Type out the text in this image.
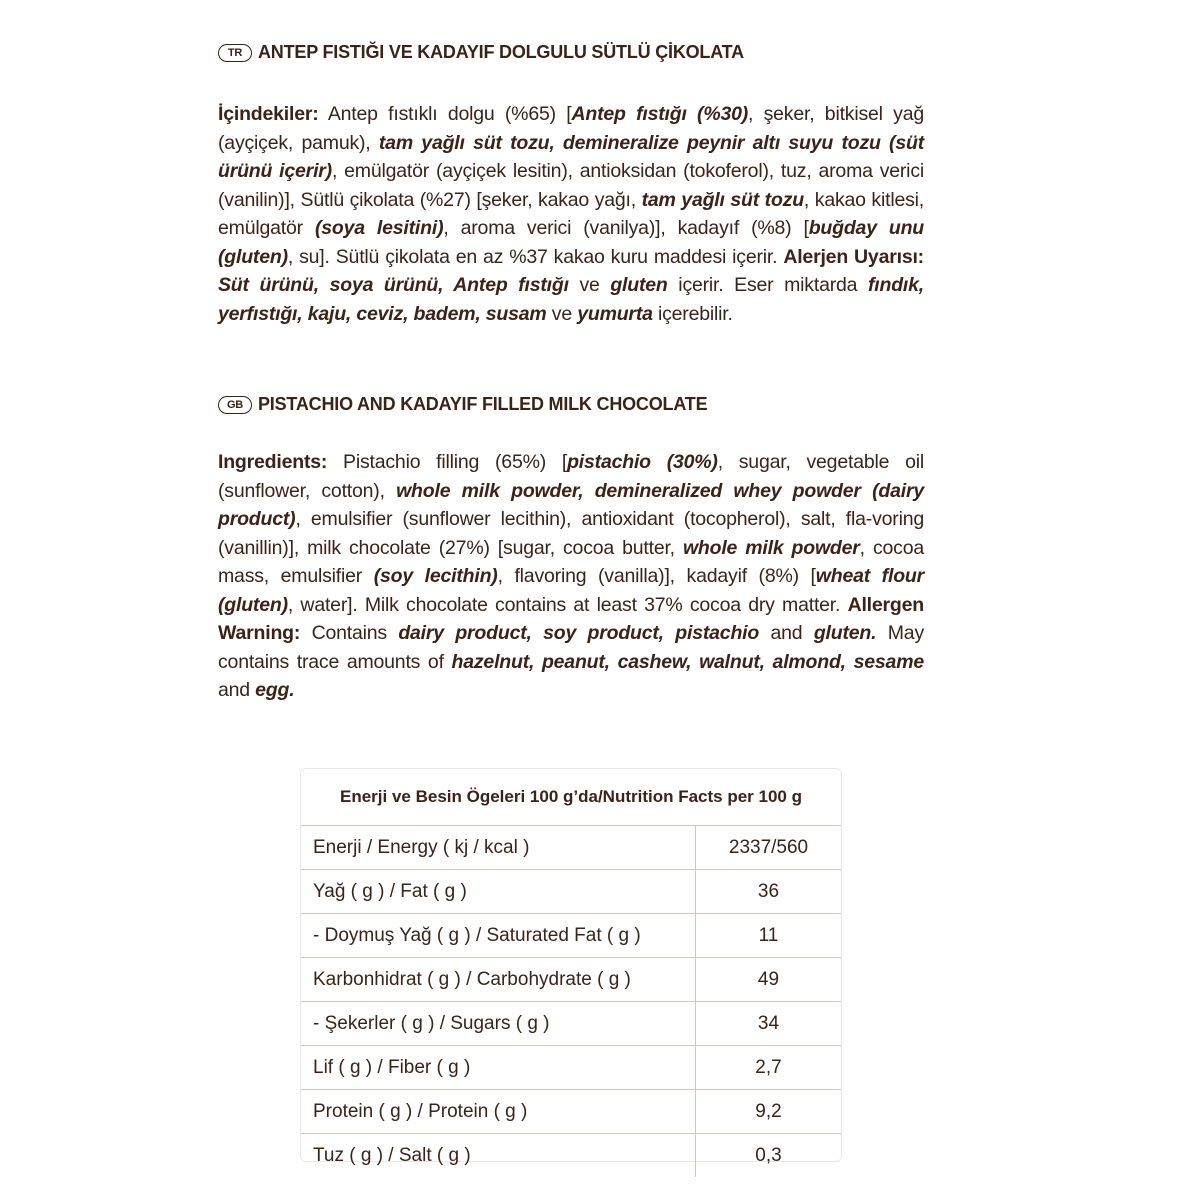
TR ANTEP FISTIĞI VE KADAYIF DOLGULU SÜTLÜ ÇİKOLATA
İçindekiler: Antep fıstıklı dolgu (%65) [Antep fıstığı (%30), şeker, bitkisel yağ (ayçiçek, pamuk), tam yağlı süt tozu, demineralize peynir altı suyu tozu (süt ürünü içerir), emülgatör (ayçiçek lesitin), antioksidan (tokoferol), tuz, aroma verici (vanilin)], Sütlü çikolata (%27) [şeker, kakao yağı, tam yağlı süt tozu, kakao kitlesi, emülgatör (soya lesitini), aroma verici (vanilya)], kadayıf (%8) [buğday unu (gluten), su]. Sütlü çikolata en az %37 kakao kuru maddesi içerir. Alerjen Uyarısı: Süt ürünü, soya ürünü, Antep fıstığı ve gluten içerir. Eser miktarda fındık, yerfıstığı, kaju, ceviz, badem, susam ve yumurta içerebilir.
GB PISTACHIO AND KADAYIF FILLED MILK CHOCOLATE
Ingredients: Pistachio filling (65%) [pistachio (30%), sugar, vegetable oil (sunflower, cotton), whole milk powder, demineralized whey powder (dairy product), emulsifier (sunflower lecithin), antioxidant (tocopherol), salt, fla-voring (vanillin)], milk chocolate (27%) [sugar, cocoa butter, whole milk powder, cocoa mass, emulsifier (soy lecithin), flavoring (vanilla)], kadayif (8%) [wheat flour (gluten), water]. Milk chocolate contains at least 37% cocoa dry matter. Allergen Warning: Contains dairy product, soy product, pistachio and gluten. May contains trace amounts of hazelnut, peanut, cashew, walnut, almond, sesame and egg.
Enerji ve Besin Ögeleri 100 g’da/Nutrition Facts per 100 g
Enerji / Energy ( kj / kcal )	2337/560
Yağ ( g ) / Fat ( g )	36
- Doymuş Yağ ( g ) / Saturated Fat ( g )	11
Karbonhidrat ( g ) / Carbohydrate ( g )	49
- Şekerler ( g ) / Sugars ( g )	34
Lif ( g ) / Fiber ( g )	2,7
Protein ( g ) / Protein ( g )	9,2
Tuz ( g ) / Salt ( g )	0,3
